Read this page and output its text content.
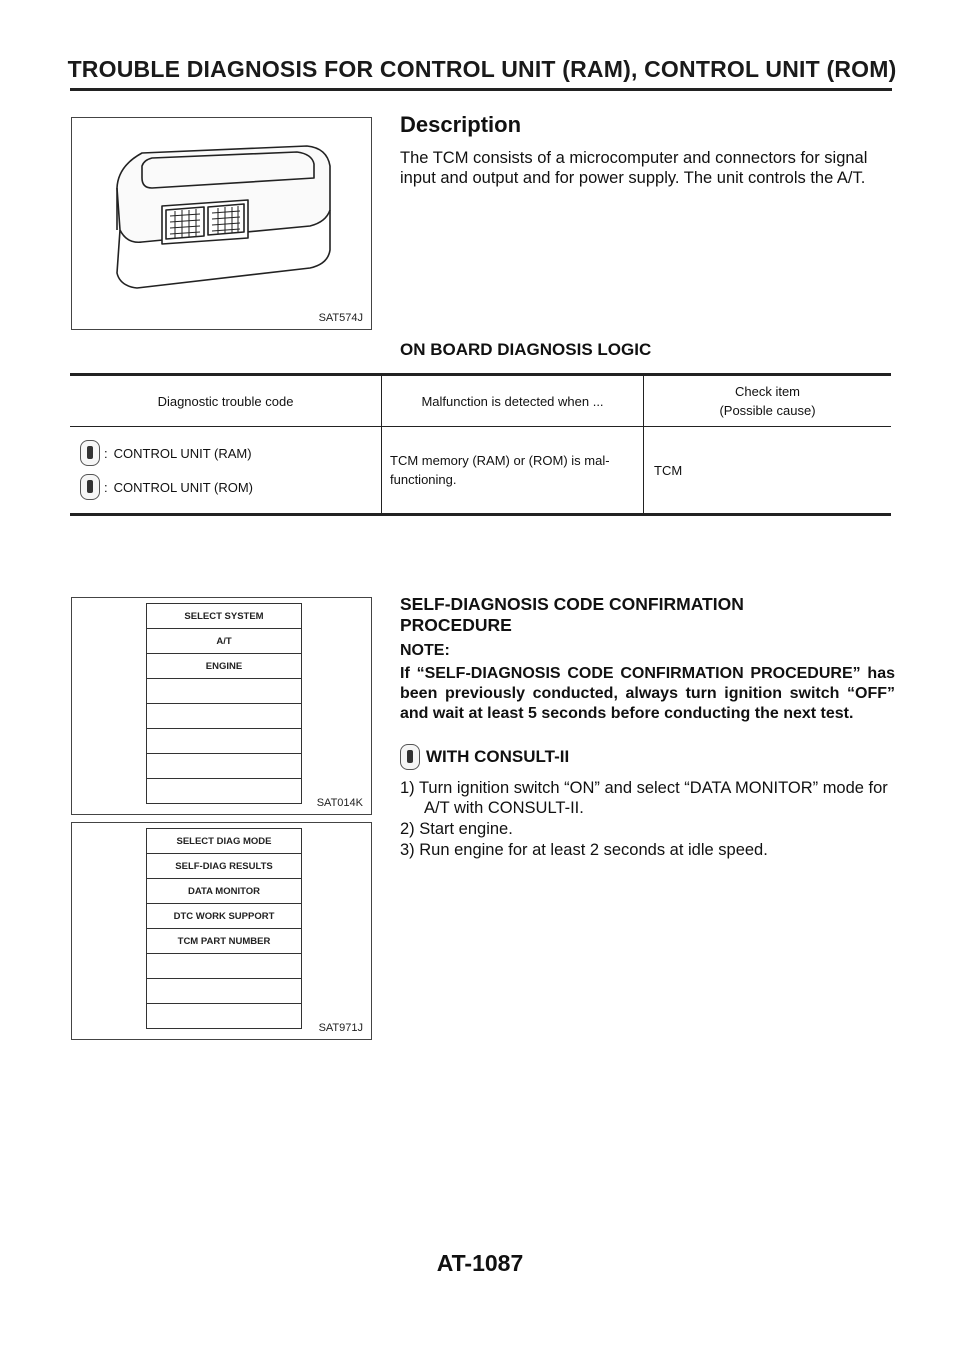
TROUBLE DIAGNOSIS FOR CONTROL UNIT (RAM), CONTROL UNIT (ROM)
SAT574J
Description
The TCM consists of a microcomputer and connectors for signal input and output and for power supply. The unit controls the A/T.
ON BOARD DIAGNOSIS LOGIC
Diagnostic trouble code	Malfunction is detected when ...	Check item
(Possible cause)

: CONTROL UNIT (RAM)
: CONTROL UNIT (ROM)	TCM memory (RAM) or (ROM) is mal-functioning.	TCM
SELECT SYSTEM
A/T
ENGINE
SAT014K
SELECT DIAG MODE
SELF-DIAG RESULTS
DATA MONITOR
DTC WORK SUPPORT
TCM PART NUMBER
SAT971J
SELF-DIAGNOSIS CODE CONFIRMATION PROCEDURE
NOTE:
If “SELF-DIAGNOSIS CODE CONFIRMATION PROCEDURE” has been previously conducted, always turn ignition switch “OFF” and wait at least 5 seconds before conducting the next test.
WITH CONSULT-II
1) Turn ignition switch “ON” and select “DATA MONITOR” mode for A/T with CONSULT-II.
2) Start engine.
3) Run engine for at least 2 seconds at idle speed.
AT-1087
